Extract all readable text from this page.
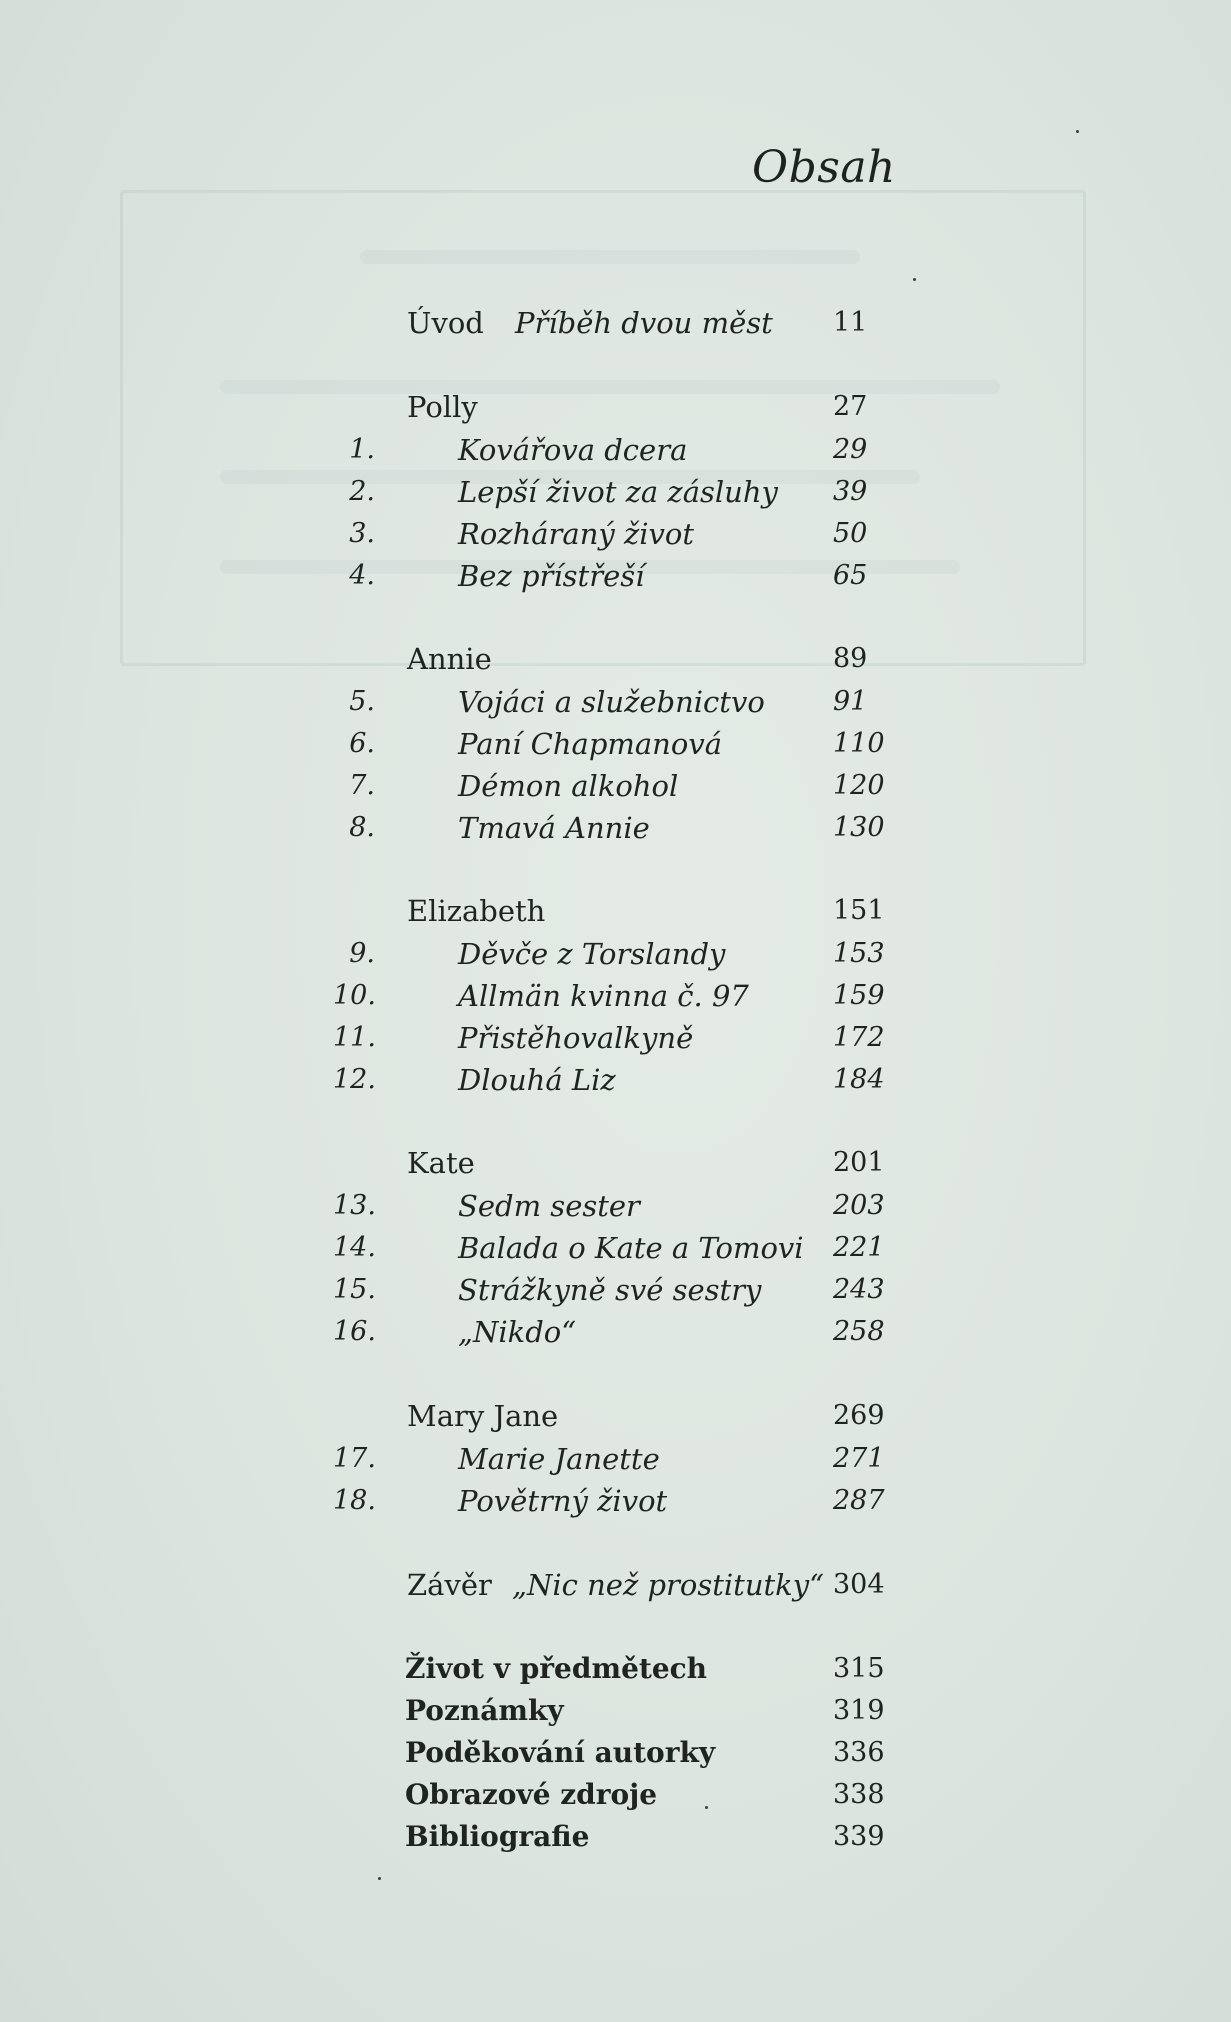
Obsah
Úvod Příběh dvou měst 11
Polly	27
1.	Kovářova dcera	29
2.	Lepší život za zásluhy 39
3.	Rozháraný život	50
4.	Bez přístřeší	65
Annie	89
5.	Vojáci a služebnictvo	91
6.	Paní Chapmanová	110
7.	Démon alkohol	120
8.	Tmavá Annie	130
Elizabeth	151
9.	Děvče z Torslandy	153
10.	Allmän kvinna č. 97	159
11.	Přistěhovalkyně	172
12.	Dlouhá Liz	184
Kate	201
13.	Sedm sester	203
14.	Balada o Kate a Tomovi 221
15.	Strážkyně své sestry	243
16.	„Nikdo“	258
Mary Jane	269
17.	Marie Janette	271
18.	Povětrný život	287
Závěr „Nic než prostitutky“ 304
Život v předmětech	315
Poznámky	319
Poděkování autorky	336
Obrazové zdroje	338
Bibliografie	339
